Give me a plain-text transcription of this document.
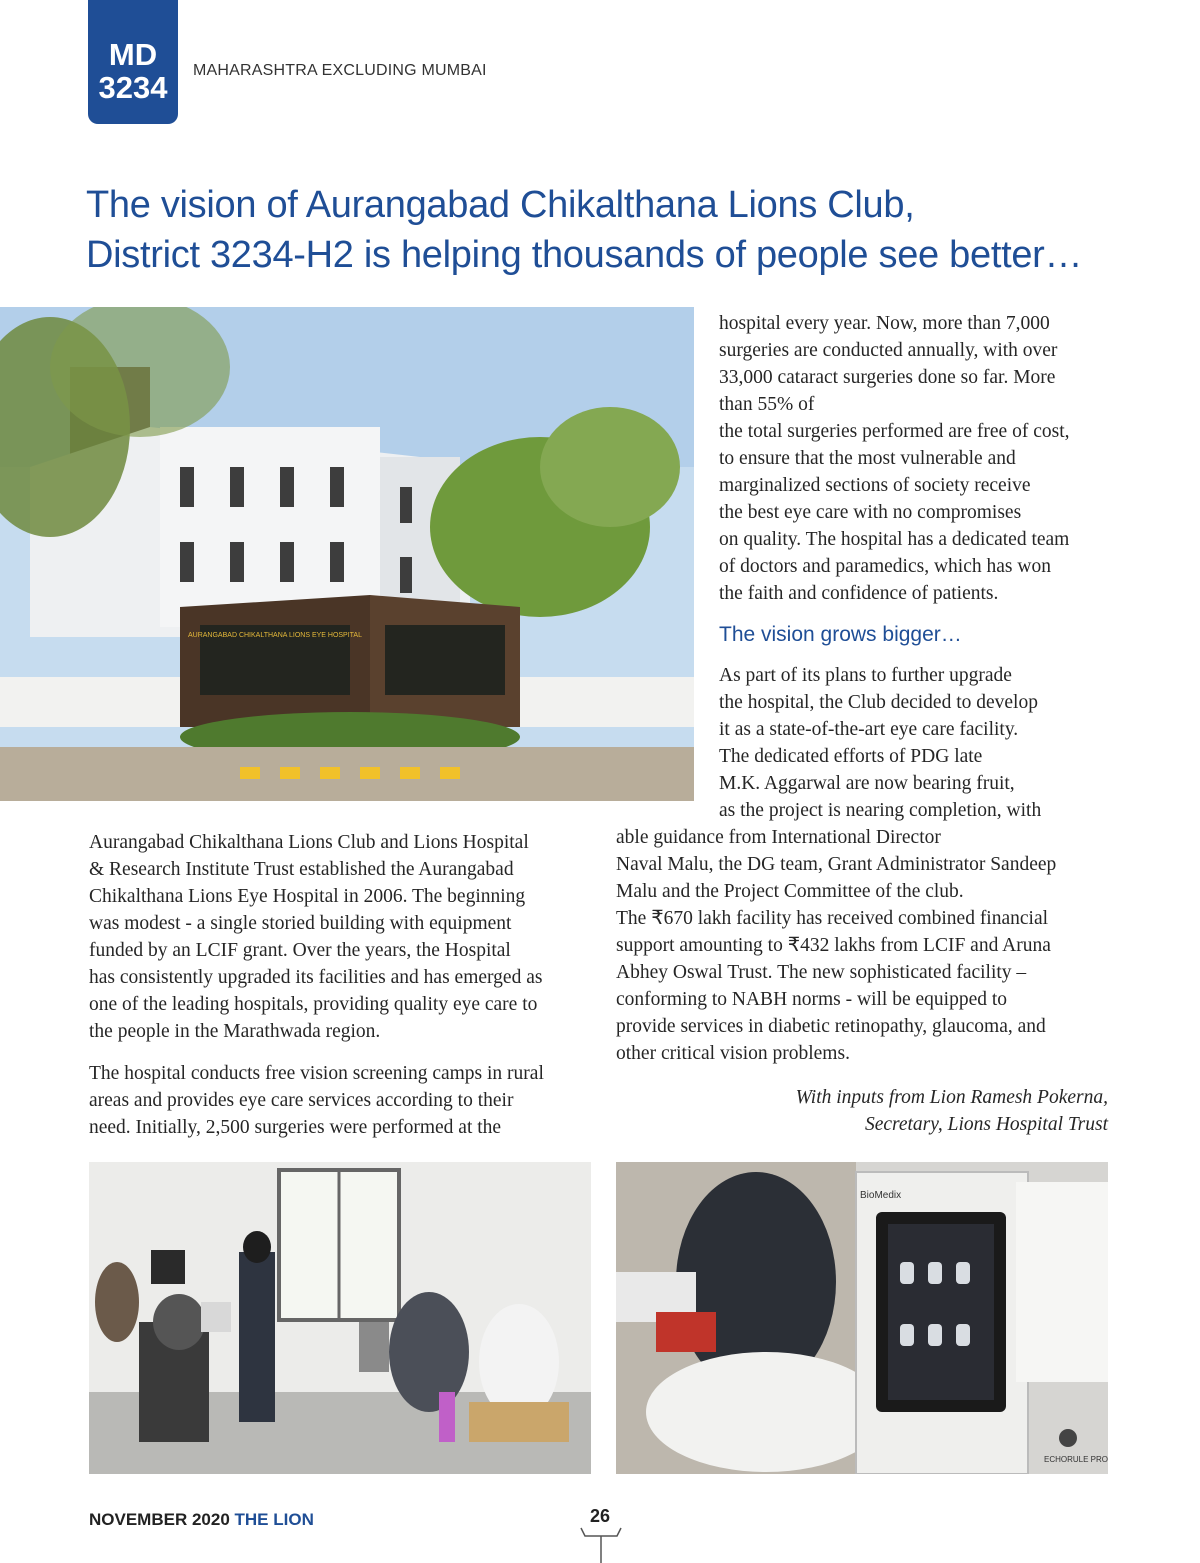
MD
3234	MAHARASHTRA EXCLUDING MUMBAI
The vision of Aurangabad Chikalthana Lions Club,
District 3234-H2 is helping thousands of people see better…
AURANGABAD CHIKALTHANA LIONS EYE HOSPITAL

hospital every year. Now, more than 7,000
surgeries are conducted annually, with over
33,000 cataract surgeries done so far. More
than 55% of
the total surgeries performed are free of cost,
to ensure that the most vulnerable and
marginalized sections of society receive
the best eye care with no compromises
on quality. The hospital has a dedicated team
of doctors and paramedics, which has won
the faith and confidence of patients.

The vision grows bigger…

As part of its plans to further upgrade
the hospital, the Club decided to develop
it as a state-of-the-art eye care facility.
The dedicated efforts of PDG late
M.K. Aggarwal are now bearing fruit,
as the project is nearing completion, with

able guidance from International Director
Naval Malu, the DG team, Grant Administrator Sandeep
Malu and the Project Committee of the club.
The ₹670 lakh facility has received combined financial
support amounting to ₹432 lakhs from LCIF and Aruna
Abhey Oswal Trust. The new sophisticated facility –
conforming to NABH norms - will be equipped to
provide services in diabetic retinopathy, glaucoma, and
other critical vision problems.

Aurangabad Chikalthana Lions Club and Lions Hospital
& Research Institute Trust established the Aurangabad
Chikalthana Lions Eye Hospital in 2006. The beginning
was modest - a single storied building with equipment
funded by an LCIF grant. Over the years, the Hospital
has consistently upgraded its facilities and has emerged as
one of the leading hospitals, providing quality eye care to
the people in the Marathwada region.

The hospital conducts free vision screening camps in rural
areas and provides eye care services according to their
need. Initially, 2,500 surgeries were performed at the

With inputs from Lion Ramesh Pokerna,
Secretary, Lions Hospital Trust
BioMedix
ECHORULE PRO
NOVEMBER 2020 THE LION	26
